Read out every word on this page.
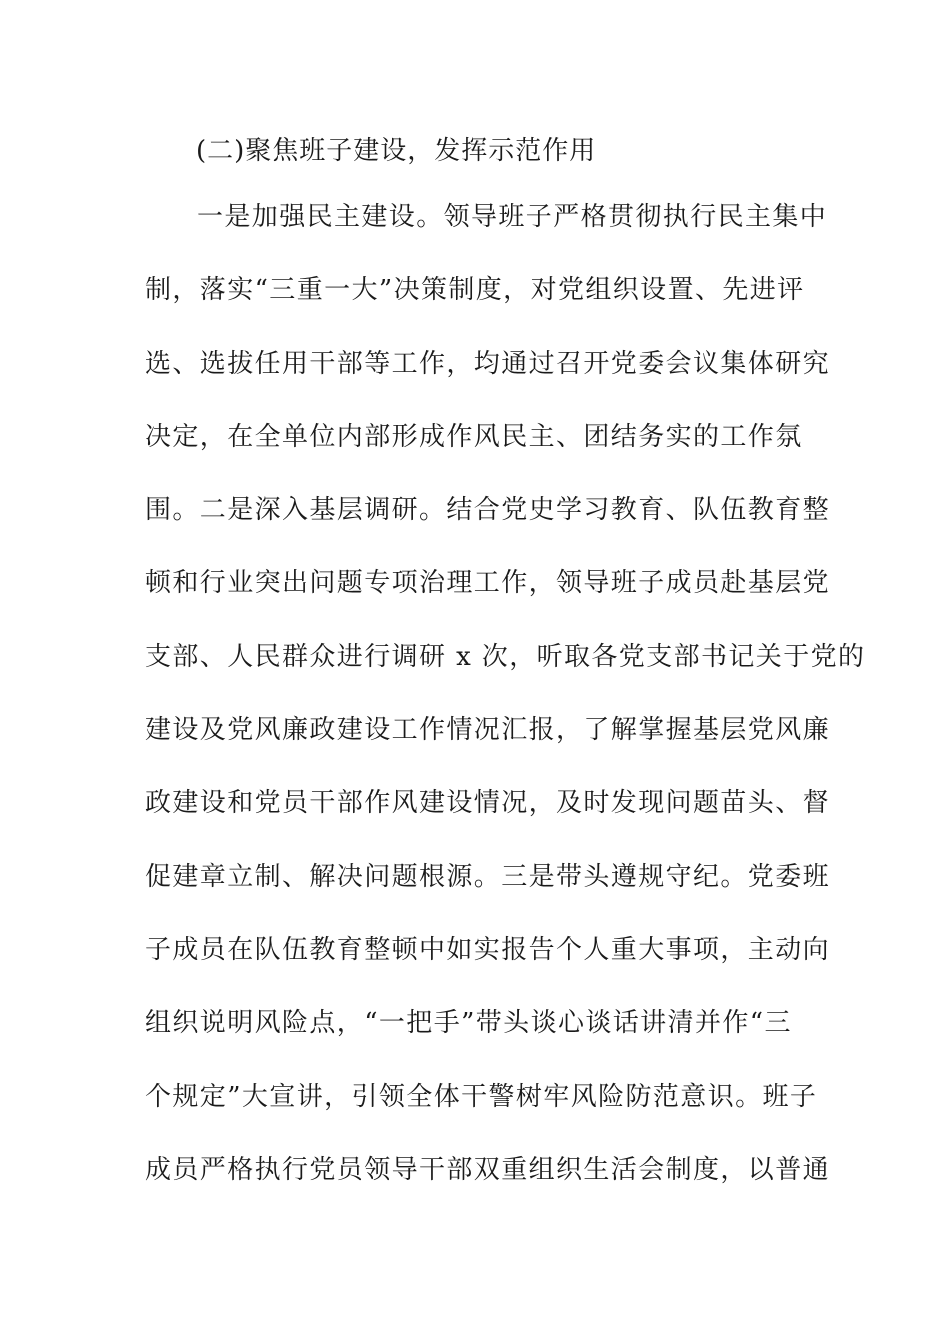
(二)聚焦班子建设，发挥示范作用
一是加强民主建设。领导班子严格贯彻执行民主集中
制，落实“三重一大”决策制度，对党组织设置、先进评
选、选拔任用干部等工作，均通过召开党委会议集体研究
决定，在全单位内部形成作风民主、团结务实的工作氛
围。二是深入基层调研。结合党史学习教育、队伍教育整
顿和行业突出问题专项治理工作，领导班子成员赴基层党
支部、人民群众进行调研 x 次，听取各党支部书记关于党的
建设及党风廉政建设工作情况汇报，了解掌握基层党风廉
政建设和党员干部作风建设情况，及时发现问题苗头、督
促建章立制、解决问题根源。三是带头遵规守纪。党委班
子成员在队伍教育整顿中如实报告个人重大事项，主动向
组织说明风险点，“一把手”带头谈心谈话讲清并作“三
个规定”大宣讲，引领全体干警树牢风险防范意识。班子
成员严格执行党员领导干部双重组织生活会制度，以普通
